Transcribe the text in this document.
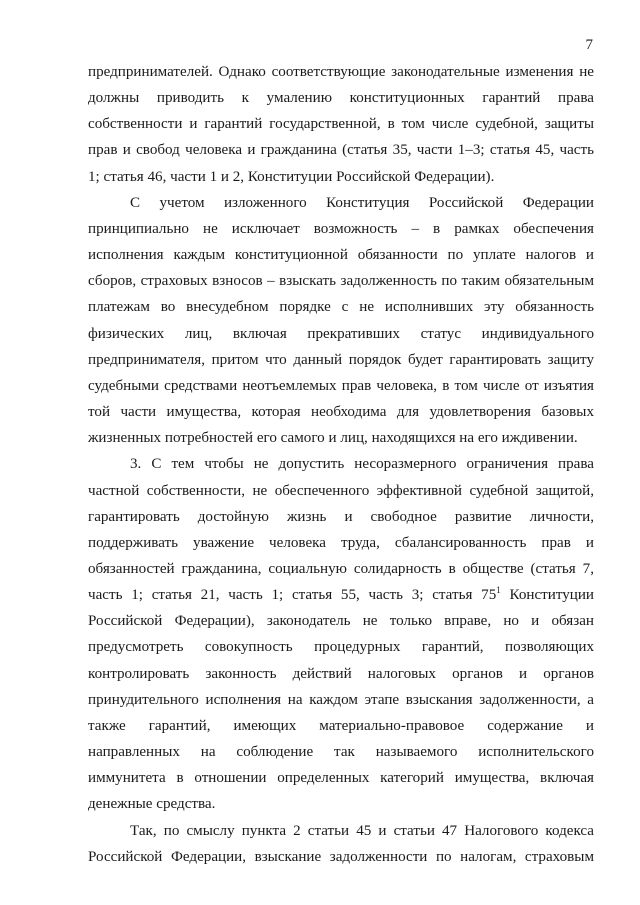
7

предпринимателей. Однако соответствующие законодательные изменения не

должны приводить к умалению конституционных гарантий права

собственности и гарантий государственной, в том числе судебной, защиты

прав и свобод человека и гражданина (статья 35, части 1–3; статья 45, часть

1; статья 46, части 1 и 2, Конституции Российской Федерации).

С учетом изложенного Конституция Российской Федерации

принципиально не исключает возможность – в рамках обеспечения

исполнения каждым конституционной обязанности по уплате налогов и

сборов, страховых взносов – взыскать задолженность по таким обязательным

платежам во внесудебном порядке с не исполнивших эту обязанность

физических лиц, включая прекративших статус индивидуального

предпринимателя, притом что данный порядок будет гарантировать защиту

судебными средствами неотъемлемых прав человека, в том числе от изъятия

той части имущества, которая необходима для удовлетворения базовых

жизненных потребностей его самого и лиц, находящихся на его иждивении.

3. С тем чтобы не допустить несоразмерного ограничения права

частной собственности, не обеспеченного эффективной судебной защитой,

гарантировать достойную жизнь и свободное развитие личности,

поддерживать уважение человека труда, сбалансированность прав и

обязанностей гражданина, социальную солидарность в обществе (статья 7,

часть 1; статья 21, часть 1; статья 55, часть 3; статья $75^1$ Конституции

Российской Федерации), законодатель не только вправе, но и обязан

предусмотреть совокупность процедурных гарантий, позволяющих

контролировать законность действий налоговых органов и органов

принудительного исполнения на каждом этапе взыскания задолженности, а

также гарантий, имеющих материально-правовое содержание и

направленных на соблюдение так называемого исполнительского

иммунитета в отношении определенных категорий имущества, включая

денежные средства.

Так, по смыслу пункта 2 статьи 45 и статьи 47 Налогового кодекса

Российской Федерации, взыскание задолженности по налогам, страховым
